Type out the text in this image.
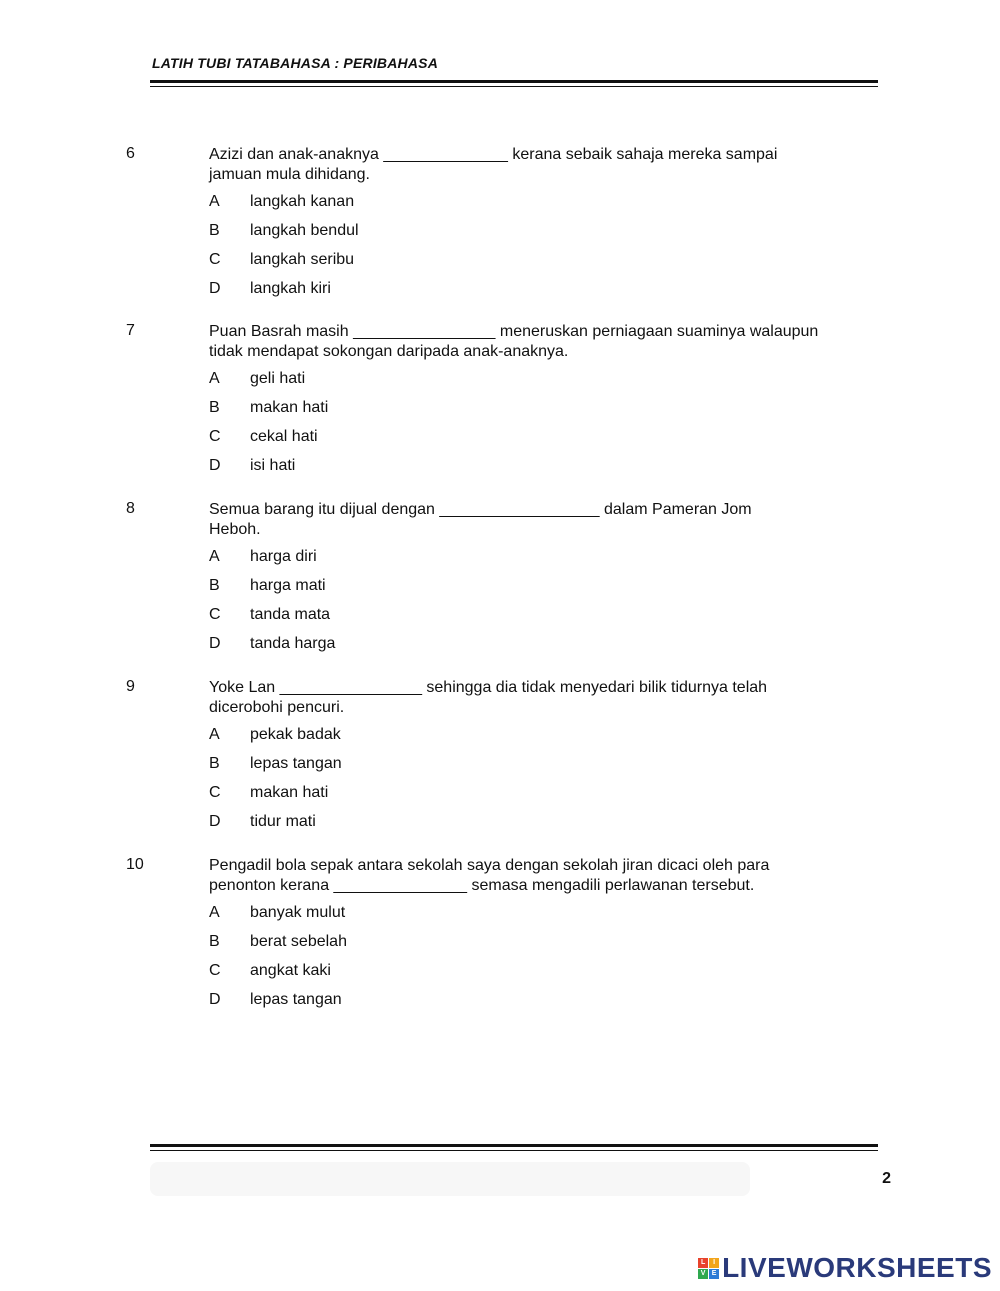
LATIH TUBI TATABAHASA : PERIBAHASA
6	Azizi dan anak-anaknya ______________ kerana sebaik sahaja mereka sampai jamuan mula dihidang.
A langkah kanan
B langkah bendul
C langkah seribu
D langkah kiri
7	Puan Basrah masih ________________ meneruskan perniagaan suaminya walaupun tidak mendapat sokongan daripada anak-anaknya.
A geli hati
B makan hati
C cekal hati
D isi hati
8	Semua barang itu dijual dengan __________________ dalam Pameran Jom Heboh.
A harga diri
B harga mati
C tanda mata
D tanda harga
9	Yoke Lan ________________ sehingga dia tidak menyedari bilik tidurnya telah dicerobohi pencuri.
A pekak badak
B lepas tangan
C makan hati
D tidur mati
10	Pengadil bola sepak antara sekolah saya dengan sekolah jiran dicaci oleh para penonton kerana _______________ semasa mengadili perlawanan tersebut.
A banyak mulut
B berat sebelah
C angkat kaki
D lepas tangan
2
L	I
V E LIVEWORKSHEETS
